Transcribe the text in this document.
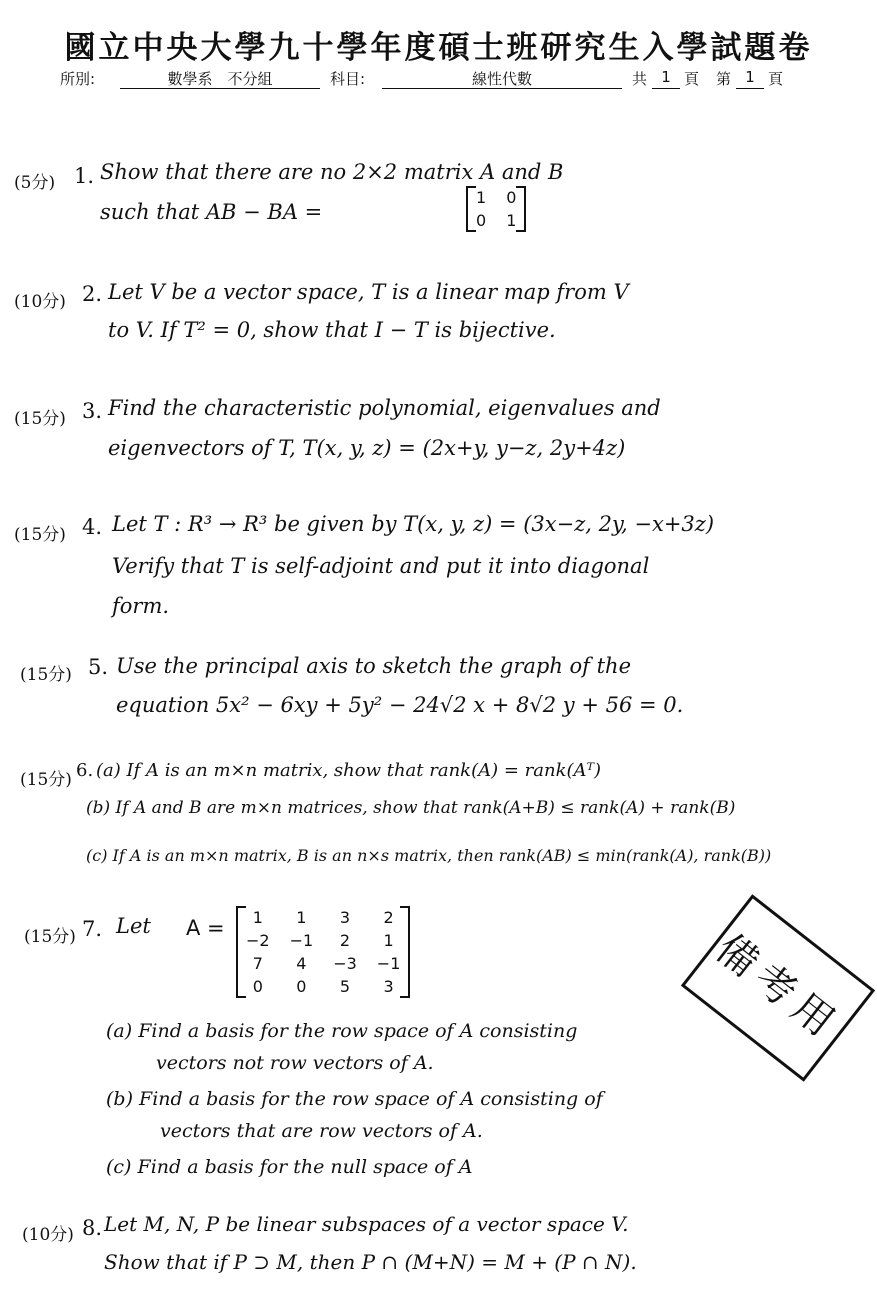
國立中央大學九十學年度碩士班研究生入學試題卷
所別:	數學系　不分組	科目:	線性代數	共 1 頁 第 1 頁
(5分) 1. Show that there are no 2×2 matrix A and B
such that AB − BA =
1	0
0	1
(10分) 2. Let V be a vector space, T is a linear map from V
to V. If T² = 0, show that I − T is bijective.
(15分) 3. Find the characteristic polynomial, eigenvalues and
eigenvectors of T, T(x, y, z) = (2x+y, y−z, 2y+4z)
(15分) 4. Let T : R³ → R³ be given by T(x, y, z) = (3x−z, 2y, −x+3z)
Verify that T is self-adjoint and put it into diagonal
form.
(15分) 5. Use the principal axis to sketch the graph of the
equation 5x² − 6xy + 5y² − 24√2 x + 8√2 y + 56 = 0.
(15分) 6. (a) If A is an m×n matrix, show that rank(A) = rank(Aᵀ)
(b) If A and B are m×n matrices, show that rank(A+B) ≤ rank(A) + rank(B)
(c) If A is an m×n matrix, B is an n×s matrix, then rank(AB) ≤ min(rank(A), rank(B))
(15分) 7. Let A = 1	1	3	2
−2	−1	2	1
7	4	−3	−1
0	0	5	3
(a) Find a basis for the row space of A consisting
vectors not row vectors of A.
(b) Find a basis for the row space of A consisting of
vectors that are row vectors of A.
(c) Find a basis for the null space of A
(10分) 8. Let M, N, P be linear subspaces of a vector space V.
Show that if P ⊃ M, then P ∩ (M+N) = M + (P ∩ N).
備考用
